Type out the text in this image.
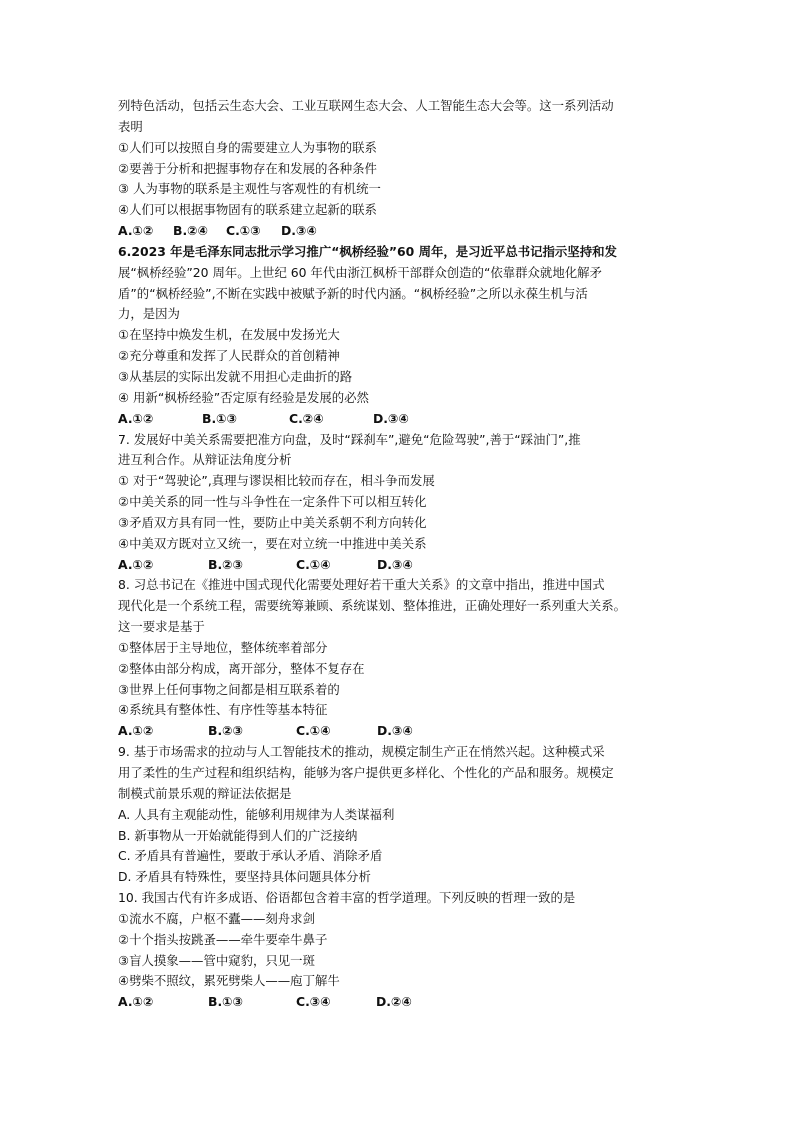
列特色活动，包括云生态大会、工业互联网生态大会、人工智能生态大会等。这一系列活动
表明
①人们可以按照自身的需要建立人为事物的联系
②要善于分析和把握事物存在和发展的各种条件
③ 人为事物的联系是主观性与客观性的有机统一
④人们可以根据事物固有的联系建立起新的联系
A.①②	B.②④	C.①③	D.③④
6.2023 年是毛泽东同志批示学习推广“枫桥经验”60 周年，是习近平总书记指示坚持和发
展“枫桥经验”20 周年。上世纪 60 年代由浙江枫桥干部群众创造的“依靠群众就地化解矛
盾”的“枫桥经验”,不断在实践中被赋予新的时代内涵。“枫桥经验”之所以永葆生机与活
力，是因为
①在坚持中焕发生机，在发展中发扬光大
②充分尊重和发挥了人民群众的首创精神
③从基层的实际出发就不用担心走曲折的路
④ 用新“枫桥经验”否定原有经验是发展的必然
A.①②	B.①③	C.②④	D.③④
7. 发展好中美关系需要把准方向盘，及时“踩刹车”,避免“危险驾驶”,善于“踩油门”,推
进互利合作。从辩证法角度分析
① 对于“驾驶论”,真理与谬误相比较而存在，相斗争而发展
②中美关系的同一性与斗争性在一定条件下可以相互转化
③矛盾双方具有同一性，要防止中美关系朝不利方向转化
④中美双方既对立又统一，要在对立统一中推进中美关系
A.①②	B.②③	C.①④	D.③④
8. 习总书记在《推进中国式现代化需要处理好若干重大关系》的文章中指出，推进中国式
现代化是一个系统工程，需要统筹兼顾、系统谋划、整体推进，正确处理好一系列重大关系。
这一要求是基于
①整体居于主导地位，整体统率着部分
②整体由部分构成，离开部分，整体不复存在
③世界上任何事物之间都是相互联系着的
④系统具有整体性、有序性等基本特征
A.①②	B.②③	C.①④	D.③④
9. 基于市场需求的拉动与人工智能技术的推动，规模定制生产正在悄然兴起。这种模式采
用了柔性的生产过程和组织结构，能够为客户提供更多样化、个性化的产品和服务。规模定
制模式前景乐观的辩证法依据是
A. 人具有主观能动性，能够利用规律为人类谋福利
B. 新事物从一开始就能得到人们的广泛接纳
C. 矛盾具有普遍性，要敢于承认矛盾、消除矛盾
D. 矛盾具有特殊性，要坚持具体问题具体分析
10. 我国古代有许多成语、俗语都包含着丰富的哲学道理。下列反映的哲理一致的是
①流水不腐，户枢不蠹——刻舟求剑
②十个指头按跳蚤——牵牛要牵牛鼻子
③盲人摸象——管中窥豹，只见一斑
④劈柴不照纹，累死劈柴人——庖丁解牛
A.①②	B.①③	C.③④	D.②④
